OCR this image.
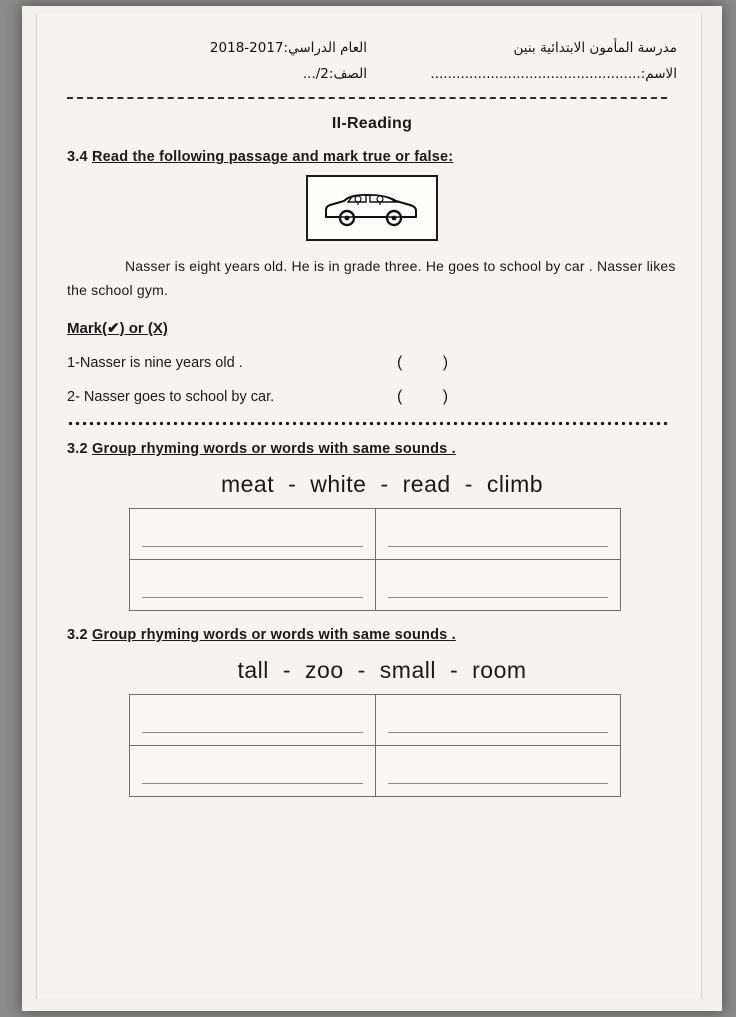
مدرسة المأمون الابتدائية بنين
الاسم:.................................................
العام الدراسي:2017-2018
الصف:2/...
II-Reading
3.4 Read the following passage and mark true or false:
Nasser is eight years old. He is in grade three. He goes to school by car . Nasser likes the school gym.
Mark(✔) or (X)
1-Nasser is nine years old .	( )
2- Nasser goes to school by car.	( )
3.2 Group rhyming words or words with same sounds .
meat - white - read - climb
3.2 Group rhyming words or words with same sounds .
tall - zoo - small - room
